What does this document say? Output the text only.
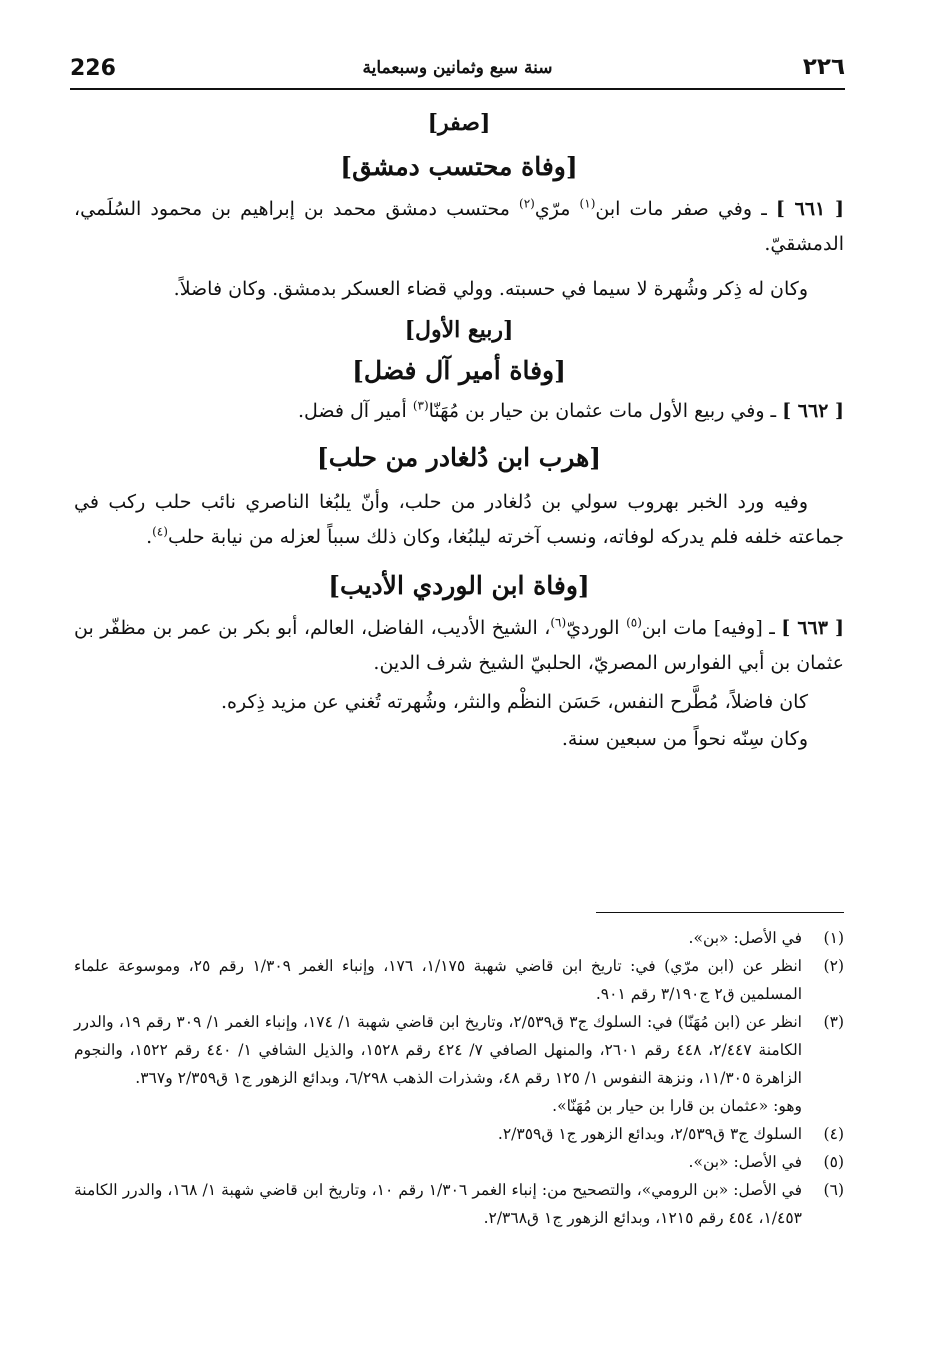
226	سنة سبع وثمانين وسبعماية	٢٢٦
[صفر]
[وفاة محتسب دمشق]

[ ٦٦١ ] ـ وفي صفر مات ابن$^{(١)}$ مرّي$^{(٢)}$ محتسب دمشق محمد بن إبراهيم بن محمود السُلَمي، الدمشقيّ.

وكان له ذِكر وشُهرة لا سيما في حسبته. وولي قضاء العسكر بدمشق. وكان فاضلاً.

[ربيع الأول]
[وفاة أمير آل فضل]

[ ٦٦٢ ] ـ وفي ربيع الأول مات عثمان بن حيار بن مُهَنّا$^{(٣)}$ أمير آل فضل.

[هرب ابن دُلغادر من حلب]

وفيه ورد الخبر بهروب سولي بن دُلغادر من حلب، وأنّ يلبُغا الناصري نائب حلب ركب في جماعته خلفه فلم يدركه لوفاته، ونسب آخرته ليلبُغا، وكان ذلك سبباً لعزله من نيابة حلب$^{(٤)}$.

[وفاة ابن الوردي الأديب]

[ ٦٦٣ ] ـ [وفيه] مات ابن$^{(٥)}$ الورديّ$^{(٦)}$، الشيخ الأديب، الفاضل، العالم، أبو بكر بن عمر بن مظفّر بن عثمان بن أبي الفوارس المصريّ، الحلبيّ الشيخ شرف الدين.

كان فاضلاً، مُطَّرح النفس، حَسَن النظْم والنثر، وشُهرته تُغني عن مزيد ذِكره.

وكان سِنّه نحواً من سبعين سنة.

(١)
في الأصل: «بن».
(٢)
انظر عن (ابن مرّي) في: تاريخ ابن قاضي شهبة ١/١٧٥، ١٧٦، وإنباء الغمر ١/٣٠٩ رقم ٢٥، وموسوعة علماء المسلمين ق٢ ج٣/١٩٠ رقم ٩٠١.
(٣)
انظر عن (ابن مُهَنّا) في: السلوك ج٣ ق٢/٥٣٩، وتاريخ ابن قاضي شهبة ١/ ١٧٤، وإنباء الغمر ١/ ٣٠٩ رقم ١٩، والدرر الكامنة ٢/٤٤٧، ٤٤٨ رقم ٢٦٠١، والمنهل الصافي ٧/ ٤٢٤ رقم ١٥٢٨، والذيل الشافي ١/ ٤٤٠ رقم ١٥٢٢، والنجوم الزاهرة ١١/٣٠٥، ونزهة النفوس ١/ ١٢٥ رقم ٤٨، وشذرات الذهب ٦/٢٩٨، وبدائع الزهور ج١ ق٢/٣٥٩ و٣٦٧.
وهو: «عثمان بن قارا بن حيار بن مُهَنّا».
(٤)
السلوك ج٣ ق٢/٥٣٩، وبدائع الزهور ج١ ق٢/٣٥٩.
(٥)
في الأصل: «بن».
(٦)
في الأصل: «بن الرومي»، والتصحيح من: إنباء الغمر ١/٣٠٦ رقم ١٠، وتاريخ ابن قاضي شهبة ١/ ١٦٨، والدرر الكامنة ١/٤٥٣، ٤٥٤ رقم ١٢١٥، وبدائع الزهور ج١ ق٢/٣٦٨.
